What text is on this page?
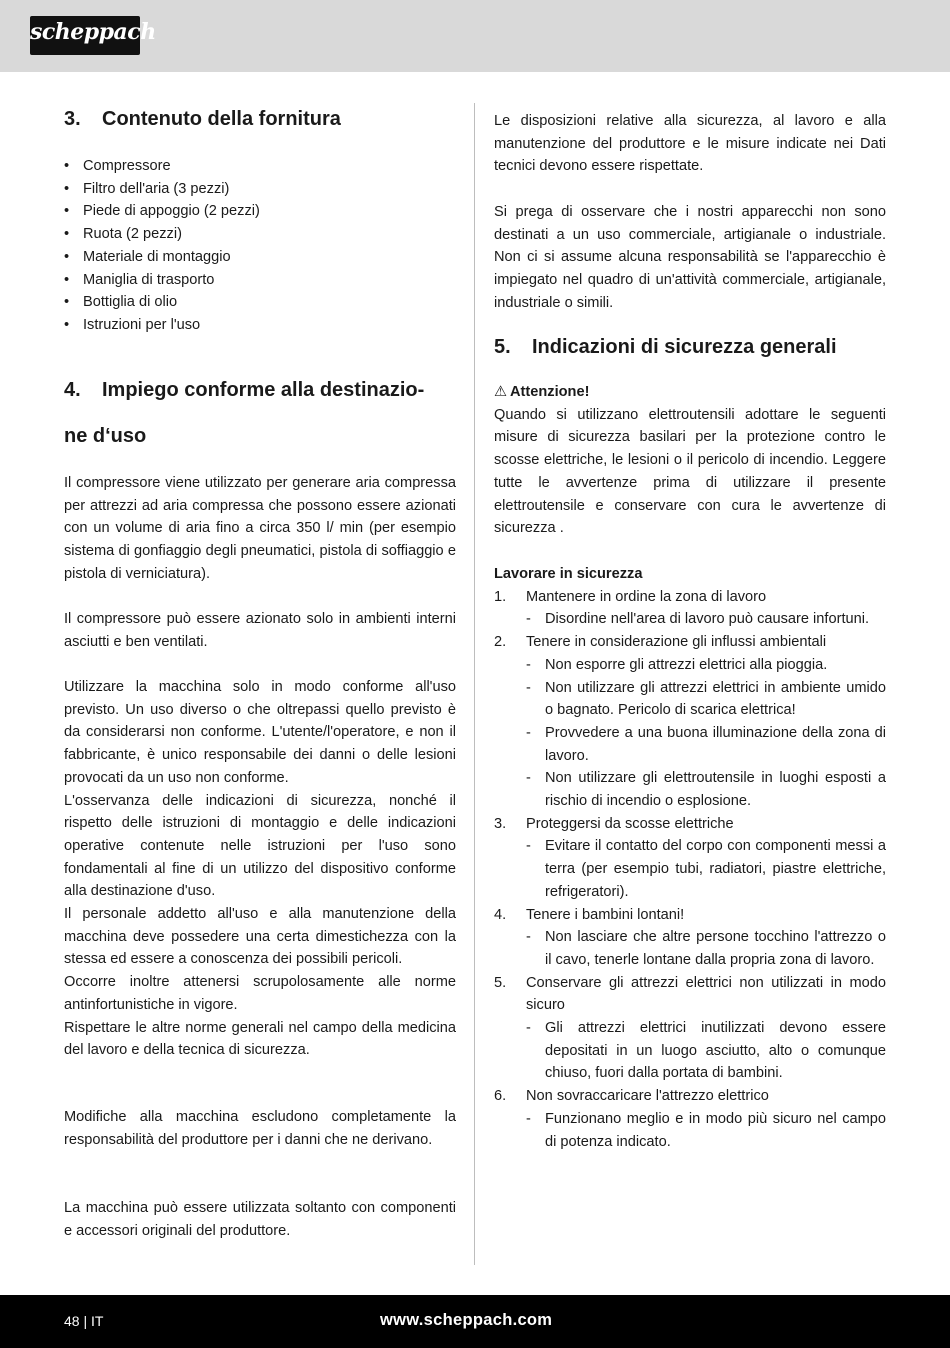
scheppach
3. Contenuto della fornitura
• Compressore
• Filtro dell'aria (3 pezzi)
• Piede di appoggio (2 pezzi)
• Ruota (2 pezzi)
• Materiale di montaggio
• Maniglia di trasporto
• Bottiglia di olio
• Istruzioni per l'uso
4. Impiego conforme alla destinazio-
ne d‘uso

Il compressore viene utilizzato per generare aria compressa per attrezzi ad aria compressa che possono essere azionati con un volume di aria fino a circa 350 l/ min (per esempio sistema di gonfiaggio degli pneumatici, pistola di soffiaggio e pistola di verniciatura).

Il compressore può essere azionato solo in ambienti interni asciutti e ben ventilati.

Utilizzare la macchina solo in modo conforme all'uso previsto. Un uso diverso o che oltrepassi quello previsto è da considerarsi non conforme. L'utente/l'operatore, e non il fabbricante, è unico responsabile dei danni o delle lesioni provocati da un uso non conforme.

L'osservanza delle indicazioni di sicurezza, nonché il rispetto delle istruzioni di montaggio e delle indicazioni operative contenute nelle istruzioni per l'uso sono fondamentali al fine di un utilizzo del dispositivo conforme alla destinazione d'uso.

Il personale addetto all'uso e alla manutenzione della macchina deve possedere una certa dimestichezza con la stessa ed essere a conoscenza dei possibili pericoli.

Occorre inoltre attenersi scrupolosamente alle norme antinfortunistiche in vigore.

Rispettare le altre norme generali nel campo della medicina del lavoro e della tecnica di sicurezza.

Modifiche alla macchina escludono completamente la responsabilità del produttore per i danni che ne derivano.

La macchina può essere utilizzata soltanto con componenti e accessori originali del produttore.

Le disposizioni relative alla sicurezza, al lavoro e alla manutenzione del produttore e le misure indicate nei Dati tecnici devono essere rispettate.

Si prega di osservare che i nostri apparecchi non sono destinati a un uso commerciale, artigianale o industriale. Non ci si assume alcuna responsabilità se l'apparecchio è impiegato nel quadro di un'attività commerciale, artigianale, industriale o simili.

5. Indicazioni di sicurezza generali
⚠ Attenzione!

Quando si utilizzano elettroutensili adottare le seguenti misure di sicurezza basilari per la protezione contro le scosse elettriche, le lesioni o il pericolo di incendio. Leggere tutte le avvertenze prima di utilizzare il presente elettroutensile e conservare con cura le avvertenze di sicurezza .

Lavorare in sicurezza
1. Mantenere in ordine la zona di lavoro
- Disordine nell'area di lavoro può causare infortuni.
2. Tenere in considerazione gli influssi ambientali
- Non esporre gli attrezzi elettrici alla pioggia.
- Non utilizzare gli attrezzi elettrici in ambiente umido o bagnato. Pericolo di scarica elettrica!
- Provvedere a una buona illuminazione della zona di lavoro.
- Non utilizzare gli elettroutensile in luoghi esposti a rischio di incendio o esplosione.
3. Proteggersi da scosse elettriche
- Evitare il contatto del corpo con componenti messi a terra (per esempio tubi, radiatori, piastre elettriche, refrigeratori).
4. Tenere i bambini lontani!
- Non lasciare che altre persone tocchino l'attrezzo o il cavo, tenerle lontane dalla propria zona di lavoro.
5. Conservare gli attrezzi elettrici non utilizzati in modo sicuro
- Gli attrezzi elettrici inutilizzati devono essere depositati in un luogo asciutto, alto o comunque chiuso, fuori dalla portata di bambini.
6. Non sovraccaricare l'attrezzo elettrico
- Funzionano meglio e in modo più sicuro nel campo di potenza indicato.
48 | IT	www.scheppach.com
